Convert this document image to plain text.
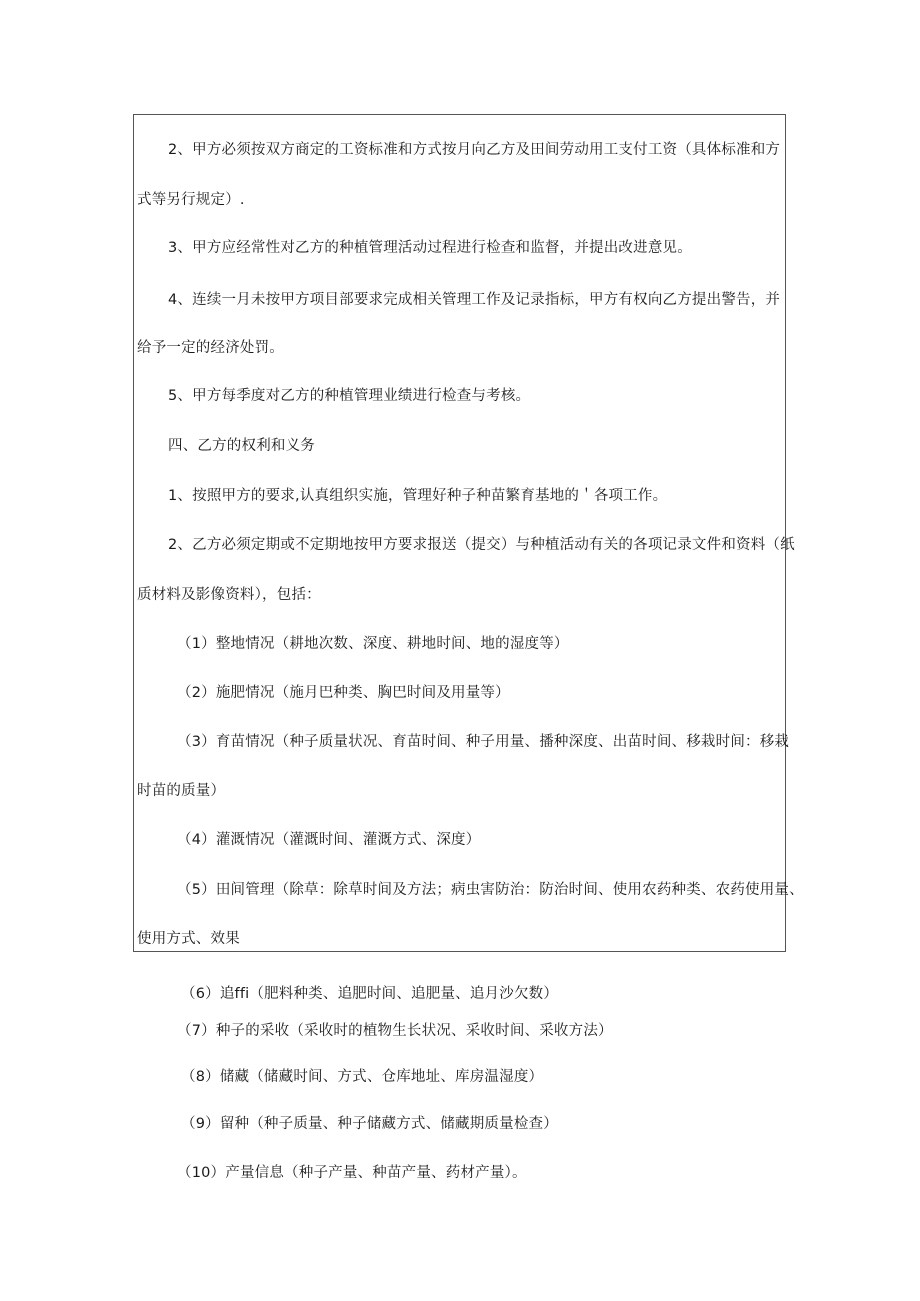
2、甲方必须按双方商定的工资标准和方式按月向乙方及田间劳动用工支付工资（具体标准和方
式等另行规定）.
3、甲方应经常性对乙方的种植管理活动过程进行检查和监督，并提出改进意见。
4、连续一月未按甲方项目部要求完成相关管理工作及记录指标，甲方有权向乙方提出警告，并
给予一定的经济处罚。
5、甲方每季度对乙方的种植管理业绩进行检查与考核。
四、乙方的权利和义务
1、按照甲方的要求,认真组织实施，管理好种子种苗繁育基地的＇各项工作。
2、乙方必须定期或不定期地按甲方要求报送（提交）与种植活动有关的各项记录文件和资料（纸
质材料及影像资料），包括：
（1）整地情况（耕地次数、深度、耕地时间、地的湿度等）
（2）施肥情况（施月巴种类、胸巴时间及用量等）
（3）育苗情况（种子质量状况、育苗时间、种子用量、播种深度、出苗时间、移栽时间：移栽
时苗的质量）
（4）灌溉情况（灌溉时间、灌溉方式、深度）
（5）田间管理（除草：除草时间及方法；病虫害防治：防治时间、使用农药种类、农药使用量、
使用方式、效果
（6）追ffi（肥料种类、追肥时间、追肥量、追月沙欠数）
（7）种子的采收（采收时的植物生长状况、采收时间、采收方法）
（8）储藏（储藏时间、方式、仓库地址、库房温湿度）
（9）留种（种子质量、种子储藏方式、储藏期质量检查）
（10）产量信息（种子产量、种苗产量、药材产量）。
